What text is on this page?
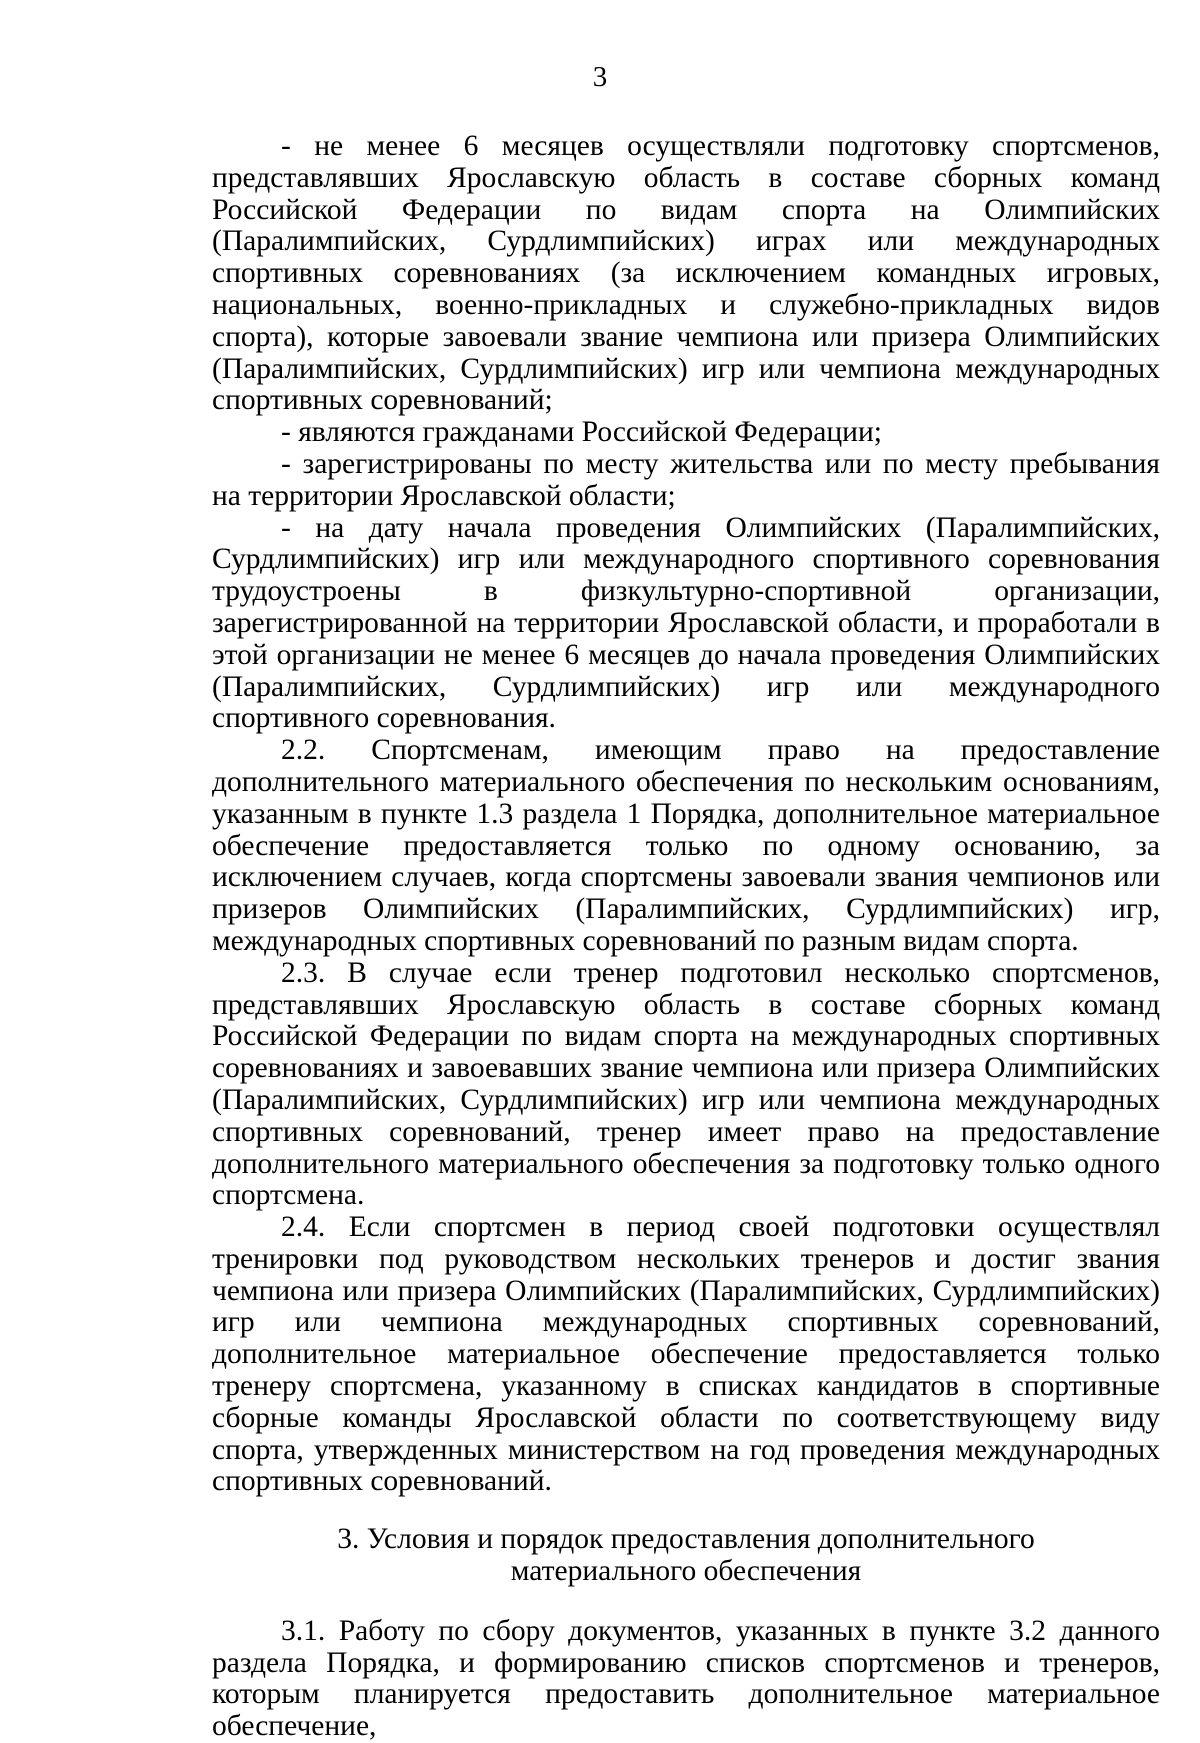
3

- не менее 6 месяцев осуществляли подготовку спортсменов, представлявших Ярославскую область в составе сборных команд Российской Федерации по видам спорта на Олимпийских (Паралимпийских, Сурдлимпийских) играх или международных спортивных соревнованиях (за исключением командных игровых, национальных, военно-прикладных и служебно-прикладных видов спорта), которые завоевали звание чемпиона или призера Олимпийских (Паралимпийских, Сурдлимпийских) игр или чемпиона международных спортивных соревнований;

- являются гражданами Российской Федерации;

- зарегистрированы по месту жительства или по месту пребывания на территории Ярославской области;

- на дату начала проведения Олимпийских (Паралимпийских, Сурдлимпийских) игр или международного спортивного соревнования трудоустроены в физкультурно-спортивной организации, зарегистрированной на территории Ярославской области, и проработали в этой организации не менее 6 месяцев до начала проведения Олимпийских (Паралимпийских, Сурдлимпийских) игр или международного спортивного соревнования.

2.2. Спортсменам, имеющим право на предоставление дополнительного материального обеспечения по нескольким основаниям, указанным в пункте 1.3 раздела 1 Порядка, дополнительное материальное обеспечение предоставляется только по одному основанию, за исключением случаев, когда спортсмены завоевали звания чемпионов или призеров Олимпийских (Паралимпийских, Сурдлимпийских) игр, международных спортивных соревнований по разным видам спорта.

2.3. В случае если тренер подготовил несколько спортсменов, представлявших Ярославскую область в составе сборных команд Российской Федерации по видам спорта на международных спортивных соревнованиях и завоевавших звание чемпиона или призера Олимпийских (Паралимпийских, Сурдлимпийских) игр или чемпиона международных спортивных соревнований, тренер имеет право на предоставление дополнительного материального обеспечения за подготовку только одного спортсмена.

2.4. Если спортсмен в период своей подготовки осуществлял тренировки под руководством нескольких тренеров и достиг звания чемпиона или призера Олимпийских (Паралимпийских, Сурдлимпийских) игр или чемпиона международных спортивных соревнований, дополнительное материальное обеспечение предоставляется только тренеру спортсмена, указанному в списках кандидатов в спортивные сборные команды Ярославской области по соответствующему виду спорта, утвержденных министерством на год проведения международных спортивных соревнований.

3. Условия и порядок предоставления дополнительного
материального обеспечения

3.1. Работу по сбору документов, указанных в пункте 3.2 данного раздела Порядка, и формированию списков спортсменов и тренеров, которым планируется предоставить дополнительное материальное обеспечение,
